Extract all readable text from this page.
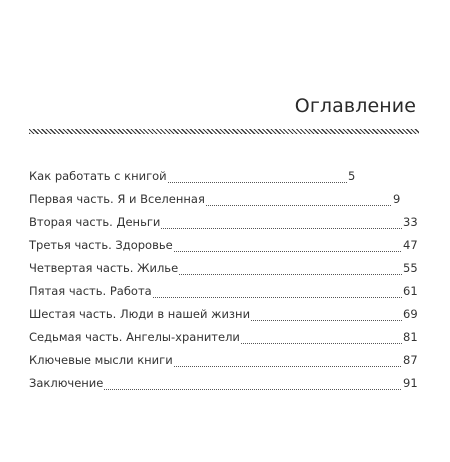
Оглавление
Как работать с книгой	5
Первая часть. Я и Вселенная	9
Вторая часть. Деньги	33
Третья часть. Здоровье	47
Четвертая часть. Жилье	55
Пятая часть. Работа	61
Шестая часть. Люди в нашей жизни	69
Седьмая часть. Ангелы-хранители	81
Ключевые мысли книги	87
Заключение	91
